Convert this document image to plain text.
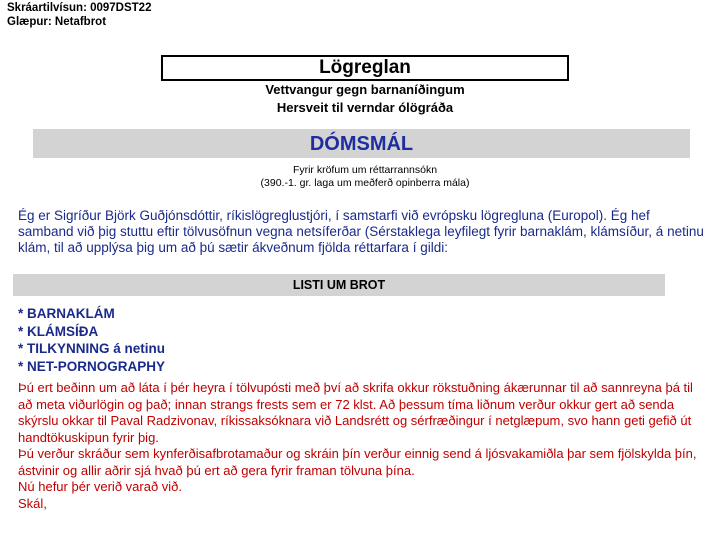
Skráartilvísun: 0097DST22
Glæpur: Netafbrot
Lögreglan
Vettvangur gegn barnaníðingum
Hersveit til verndar ólögráða
DÓMSMÁL
Fyrir kröfum um réttarrannsókn
(390.-1. gr. laga um meðferð opinberra mála)
Ég er Sigríður Björk Guðjónsdóttir, ríkislögreglustjóri, í samstarfi við evrópsku lögregluna (Europol). Ég hef samband við þig stuttu eftir tölvusöfnun vegna netsíferðar (Sérstaklega leyfilegt fyrir barnaklám, klámsíður, á netinu klám, til að upplýsa þig um að þú sætir ákveðnum fjölda réttarfara í gildi:
LISTI UM BROT
* BARNAKLÁM
* KLÁMSÍÐA
* TILKYNNING á netinu
* NET-PORNOGRAPHY

Þú ert beðinn um að láta í þér heyra í tölvupósti með því að skrifa okkur rökstuðning ákærunnar til að sannreyna þá til að meta viðurlögin og það; innan strangs frests sem er 72 klst. Að þessum tíma liðnum verður okkur gert að senda skýrslu okkar til Paval Radzivonav, ríkissaksóknara við Landsrétt og sérfræðingur í netglæpum, svo hann geti gefið út handtökuskipun fyrir þig.

Þú verður skráður sem kynferðisafbrotamaður og skráin þín verður einnig send á ljósvakamiðla þar sem fjölskylda þín, ástvinir og allir aðrir sjá hvað þú ert að gera fyrir framan tölvuna þína.

Nú hefur þér verið varað við.

Skál,
